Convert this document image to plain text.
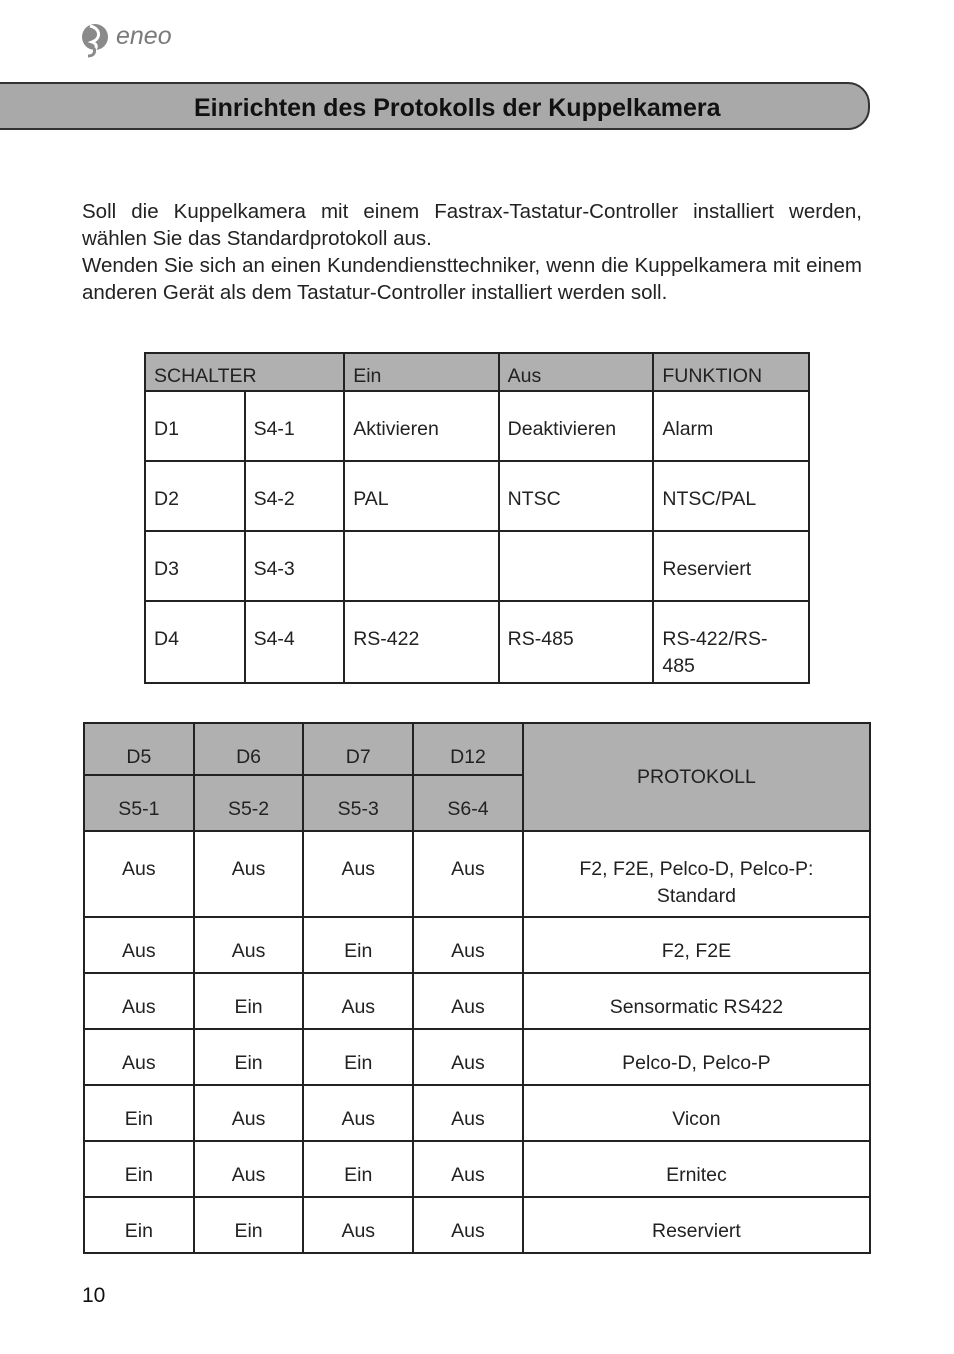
eneo
Einrichten des Protokolls der Kuppelkamera

Soll die Kuppelkamera mit einem Fastrax-Tastatur-Controller installiert werden, wählen Sie das Standardprotokoll aus.

Wenden Sie sich an einen Kundendiensttechniker, wenn die Kuppelkamera mit einem anderen Gerät als dem Tastatur-Controller installiert werden soll.

SCHALTER		Ein	Aus	FUNKTION
D1	S4-1	Aktivieren	Deaktivieren	Alarm
D2	S4-2	PAL	NTSC	NTSC/PAL
D3	S4-3			Reserviert
D4	S4-4	RS-422	RS-485	RS-422/RS-485
D5	D6	D7	D12	PROTOKOLL
S5-1	S5-2	S5-3	S6-4	
Aus	Aus	Aus	Aus	F2, F2E, Pelco-D, Pelco-P: Standard
Aus	Aus	Ein	Aus	F2, F2E
Aus	Ein	Aus	Aus	Sensormatic RS422
Aus	Ein	Ein	Aus	Pelco-D, Pelco-P
Ein	Aus	Aus	Aus	Vicon
Ein	Aus	Ein	Aus	Ernitec
Ein	Ein	Aus	Aus	Reserviert
10
